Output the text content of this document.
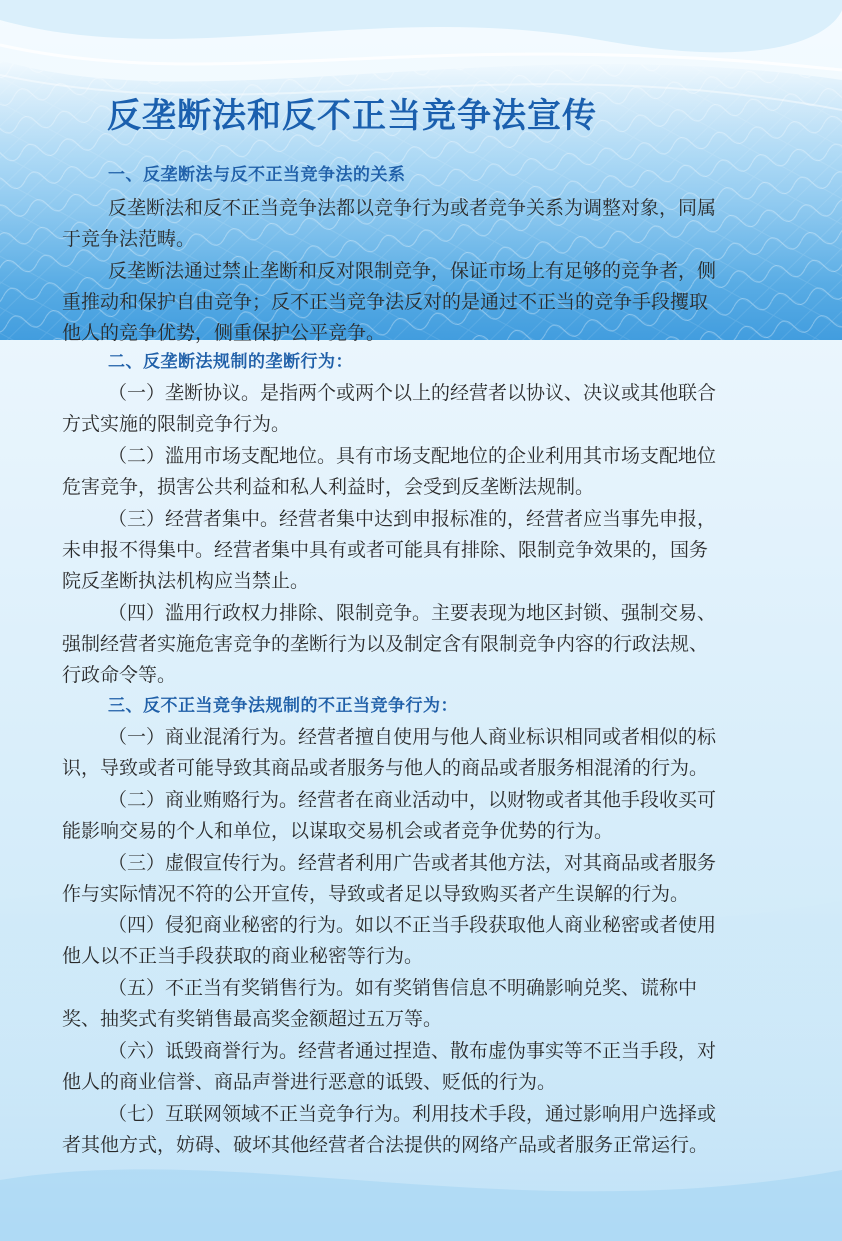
反垄断法和反不正当竞争法宣传
一、反垄断法与反不正当竞争法的关系
反垄断法和反不正当竞争法都以竞争行为或者竞争关系为调整对象，同属
于竞争法范畴。
反垄断法通过禁止垄断和反对限制竞争，保证市场上有足够的竞争者，侧
重推动和保护自由竞争；反不正当竞争法反对的是通过不正当的竞争手段攫取
他人的竞争优势，侧重保护公平竞争。
二、反垄断法规制的垄断行为：
（一）垄断协议。是指两个或两个以上的经营者以协议、决议或其他联合
方式实施的限制竞争行为。
（二）滥用市场支配地位。具有市场支配地位的企业利用其市场支配地位
危害竞争，损害公共利益和私人利益时，会受到反垄断法规制。
（三）经营者集中。经营者集中达到申报标准的，经营者应当事先申报，
未申报不得集中。经营者集中具有或者可能具有排除、限制竞争效果的，国务
院反垄断执法机构应当禁止。
（四）滥用行政权力排除、限制竞争。主要表现为地区封锁、强制交易、
强制经营者实施危害竞争的垄断行为以及制定含有限制竞争内容的行政法规、
行政命令等。
三、反不正当竞争法规制的不正当竞争行为：
（一）商业混淆行为。经营者擅自使用与他人商业标识相同或者相似的标
识，导致或者可能导致其商品或者服务与他人的商品或者服务相混淆的行为。
（二）商业贿赂行为。经营者在商业活动中，以财物或者其他手段收买可
能影响交易的个人和单位，以谋取交易机会或者竞争优势的行为。
（三）虚假宣传行为。经营者利用广告或者其他方法，对其商品或者服务
作与实际情况不符的公开宣传，导致或者足以导致购买者产生误解的行为。
（四）侵犯商业秘密的行为。如以不正当手段获取他人商业秘密或者使用
他人以不正当手段获取的商业秘密等行为。
（五）不正当有奖销售行为。如有奖销售信息不明确影响兑奖、谎称中
奖、抽奖式有奖销售最高奖金额超过五万等。
（六）诋毁商誉行为。经营者通过捏造、散布虚伪事实等不正当手段，对
他人的商业信誉、商品声誉进行恶意的诋毁、贬低的行为。
（七）互联网领域不正当竞争行为。利用技术手段，通过影响用户选择或
者其他方式，妨碍、破坏其他经营者合法提供的网络产品或者服务正常运行。
